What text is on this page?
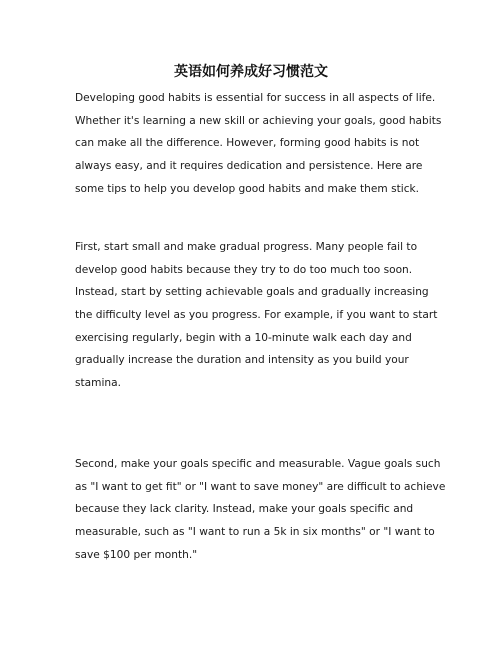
英语如何养成好习惯范文
Developing good habits is essential for success in all aspects of life.
Whether it's learning a new skill or achieving your goals, good habits
can make all the difference. However, forming good habits is not
always easy, and it requires dedication and persistence. Here are
some tips to help you develop good habits and make them stick.
First, start small and make gradual progress. Many people fail to
develop good habits because they try to do too much too soon.
Instead, start by setting achievable goals and gradually increasing
the difficulty level as you progress. For example, if you want to start
exercising regularly, begin with a 10-minute walk each day and
gradually increase the duration and intensity as you build your
stamina.
Second, make your goals specific and measurable. Vague goals such
as "I want to get fit" or "I want to save money" are difficult to achieve
because they lack clarity. Instead, make your goals specific and
measurable, such as "I want to run a 5k in six months" or "I want to
save $100 per month."
